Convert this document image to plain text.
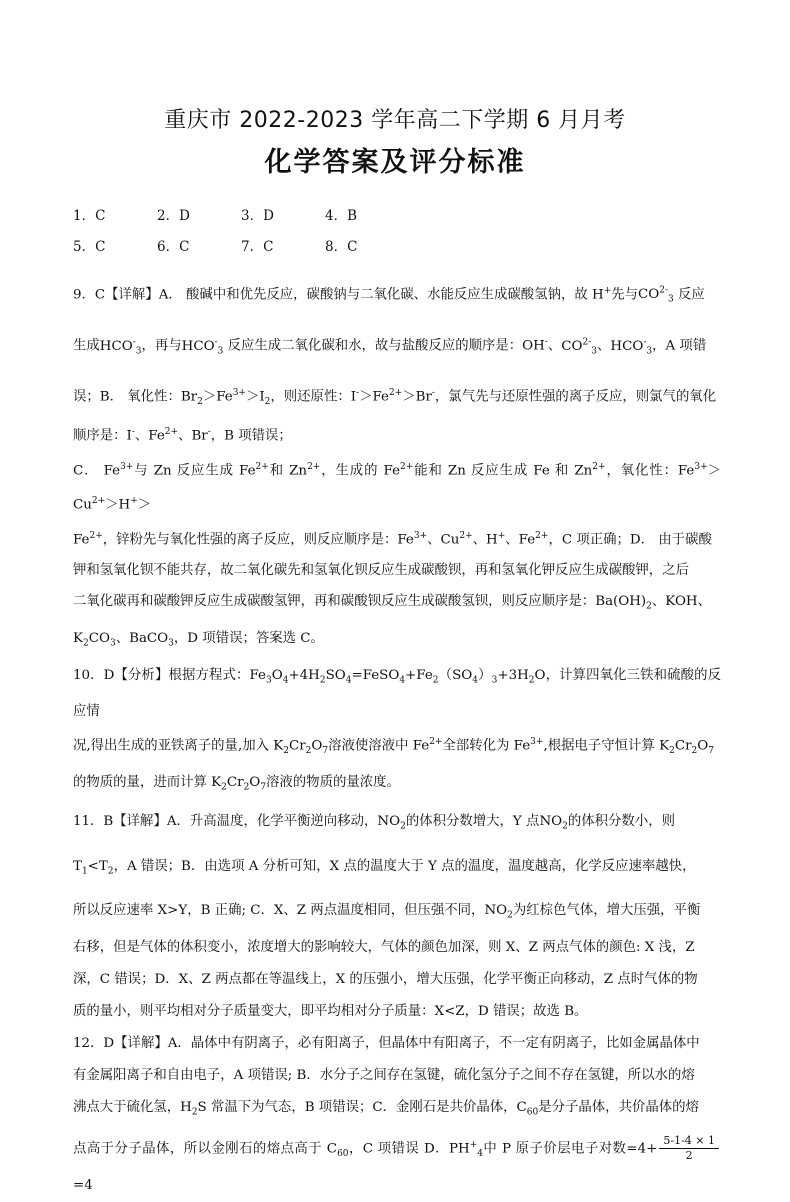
重庆市 2022-2023 学年高二下学期 6 月月考
化学答案及评分标准
1．C	2．D	3．D	4．B
5．C	6．C	7．C	8．C

9．C【详解】A． 酸碱中和优先反应，碳酸钠与二氧化碳、水能反应生成碳酸氢钠，故 H+先与$CO^{2-}_3$ 反应
生成$HCO^-_3$，再与$HCO^-_3$ 反应生成二氧化碳和水，故与盐酸反应的顺序是：OH-、$CO^{2-}_3$、$HCO^-_3$，A 项错
误；B． 氧化性：$Br_2>Fe^{3+}>I_2$，则还原性：$I^->Fe^{2+}>Br^-$，氯气先与还原性强的离子反应，则氯气的氧化

顺序是：I-、$Fe^{2+}$、Br-，B 项错误；
C． $Fe^{3+}$与 Zn 反应生成 $Fe^{2+}$和 $Zn^{2+}$，生成的 $Fe^{2+}$能和 Zn 反应生成 Fe 和 $Zn^{2+}$，氧化性：$Fe^{3+}>Cu^{2+}>H^+>$
$Fe^{2+}$，锌粉先与氧化性强的离子反应，则反应顺序是：$Fe^{3+}$、$Cu^{2+}$、H+、$Fe^{2+}$，C 项正确；D． 由于碳酸
钾和氢氧化钡不能共存，故二氧化碳先和氢氧化钡反应生成碳酸钡，再和氢氧化钾反应生成碳酸钾，之后
二氧化碳再和碳酸钾反应生成碳酸氢钾，再和碳酸钡反应生成碳酸氢钡，则反应顺序是：$Ba(OH)_2$、KOH、
$K_2CO_3$、BaCO$_3$，D 项错误；答案选 C。

10．D【分析】根据方程式：$Fe_3O_4+4H_2SO_4=FeSO_4+Fe_2(SO_4)_3+3H_2O$，计算四氧化三铁和硫酸的反应情
况,得出生成的亚铁离子的量,加入 $K_2Cr_2O_7$溶液使溶液中 $Fe^{2+}$全部转化为 $Fe^{3+}$,根据电子守恒计算 $K_2Cr_2O_7$
的物质的量，进而计算 $K_2Cr_2O_7$溶液的物质的量浓度。

11．B【详解】A．升高温度，化学平衡逆向移动，$NO_2$的体积分数增大，Y 点$NO_2$的体积分数小，则
$T_1<T_2$，A 错误；B．由选项 A 分析可知，X 点的温度大于 Y 点的温度，温度越高，化学反应速率越快，
所以反应速率 X>Y，B 正确; C．X、Z 两点温度相同，但压强不同，$NO_2$为红棕色气体，增大压强，平衡

右移，但是气体的体积变小，浓度增大的影响较大，气体的颜色加深，则 X、Z 两点气体的颜色: X 浅，Z
深，C 错误；D．X、Z 两点都在等温线上，X 的压强小，增大压强，化学平衡正向移动，Z 点时气体的物
质的量小，则平均相对分子质量变大，即平均相对分子质量：X<Z，D 错误；故选 B。

12．D【详解】A．晶体中有阴离子，必有阳离子，但晶体中有阳离子，不一定有阴离子，比如金属晶体中
有金属阳离子和自由电子，A 项错误; B．水分子之间存在氢键，硫化氢分子之间不存在氢键，所以水的熔
沸点大于硫化氢，$H_2S$ 常温下为气态，B 项错误；C．金刚石是共价晶体，$C_{60}$是分子晶体，共价晶体的熔
点高于分子晶体，所以金刚石的熔点高于 $C_{60}$，C 项错误 D．$PH^+_4$中 P 原子价层电子对数$=4+ \frac{5-1-4 \times 1}{2}$
=4
